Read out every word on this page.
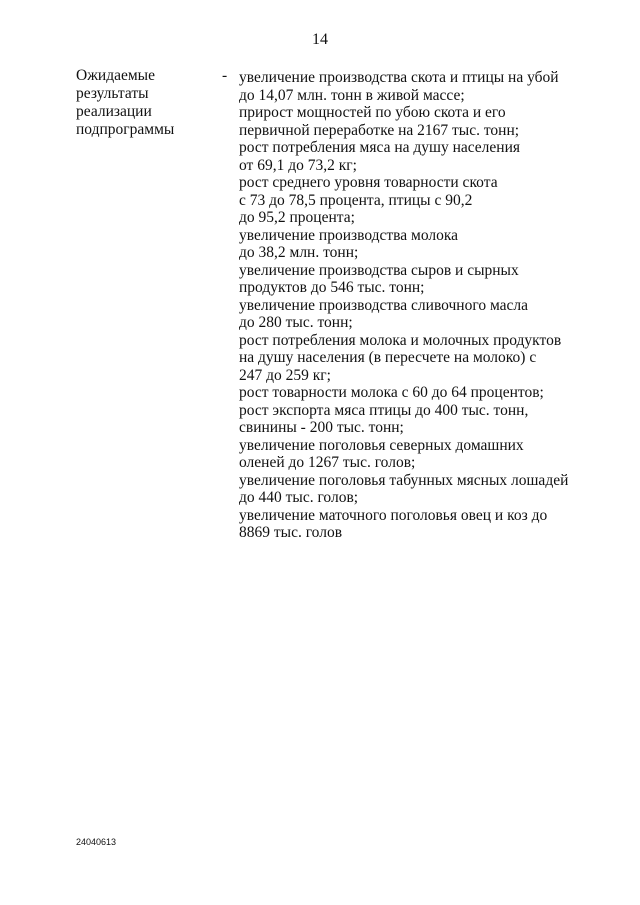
14
Ожидаемые
результаты
реализации
подпрограммы
- увеличение производства скота и птицы на убой
до 14,07 млн. тонн в живой массе;
прирост мощностей по убою скота и его
первичной переработке на 2167 тыс. тонн;
рост потребления мяса на душу населения
от 69,1 до 73,2 кг;
рост среднего уровня товарности скота
с 73 до 78,5 процента, птицы с 90,2
до 95,2 процента;
увеличение производства молока
до 38,2 млн. тонн;
увеличение производства сыров и сырных
продуктов до 546 тыс. тонн;
увеличение производства сливочного масла
до 280 тыс. тонн;
рост потребления молока и молочных продуктов
на душу населения (в пересчете на молоко) с
247 до 259 кг;
рост товарности молока с 60 до 64 процентов;
рост экспорта мяса птицы до 400 тыс. тонн,
свинины - 200 тыс. тонн;
увеличение поголовья северных домашних
оленей до 1267 тыс. голов;
увеличение поголовья табунных мясных лошадей
до 440 тыс. голов;
увеличение маточного поголовья овец и коз до
8869 тыс. голов
24040613
